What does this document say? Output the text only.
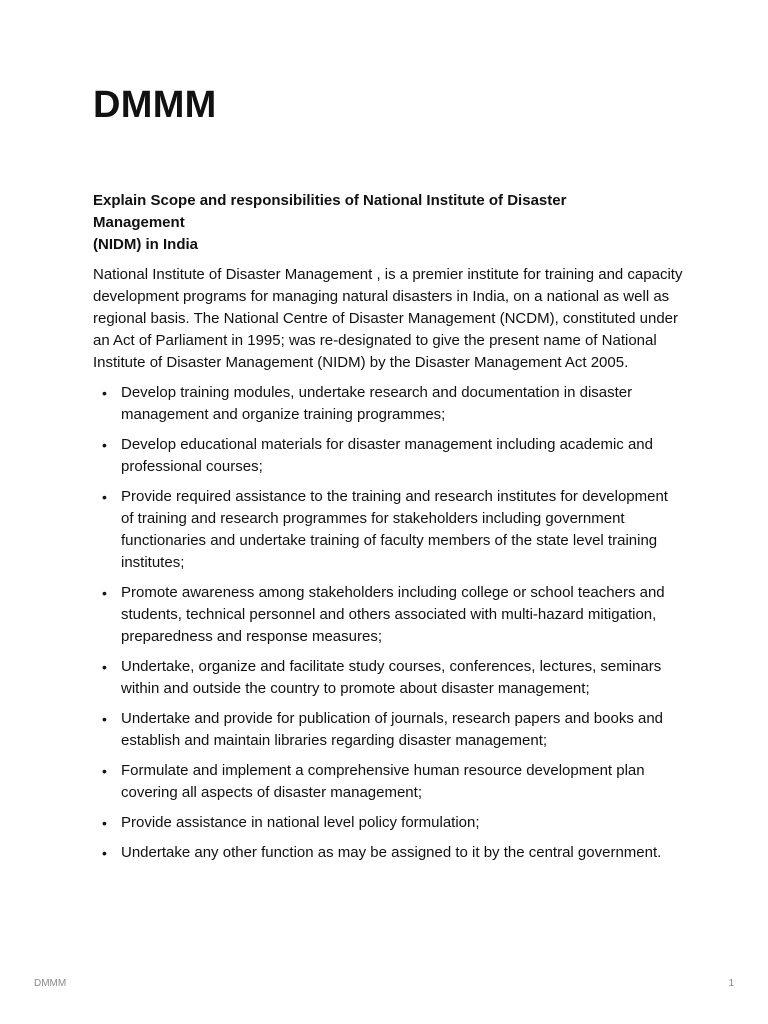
DMMM

Explain Scope and responsibilities of National Institute of Disaster
Management
(NIDM) in India

National Institute of Disaster Management , is a premier institute for training and capacity development programs for managing natural disasters in India, on a national as well as regional basis. The National Centre of Disaster Management (NCDM), constituted under an Act of Parliament in 1995; was re-designated to give the present name of National Institute of Disaster Management (NIDM) by the Disaster Management Act 2005.

• Develop training modules, undertake research and documentation in disaster management and organize training programmes;
• Develop educational materials for disaster management including academic and professional courses;
• Provide required assistance to the training and research institutes for development of training and research programmes for stakeholders including government functionaries and undertake training of faculty members of the state level training institutes;
• Promote awareness among stakeholders including college or school teachers and students, technical personnel and others associated with multi-hazard mitigation, preparedness and response measures;
• Undertake, organize and facilitate study courses, conferences, lectures, seminars within and outside the country to promote about disaster management;
• Undertake and provide for publication of journals, research papers and books and establish and maintain libraries regarding disaster management;
• Formulate and implement a comprehensive human resource development plan covering all aspects of disaster management;
• Provide assistance in national level policy formulation;
• Undertake any other function as may be assigned to it by the central government.
DMMM	1
